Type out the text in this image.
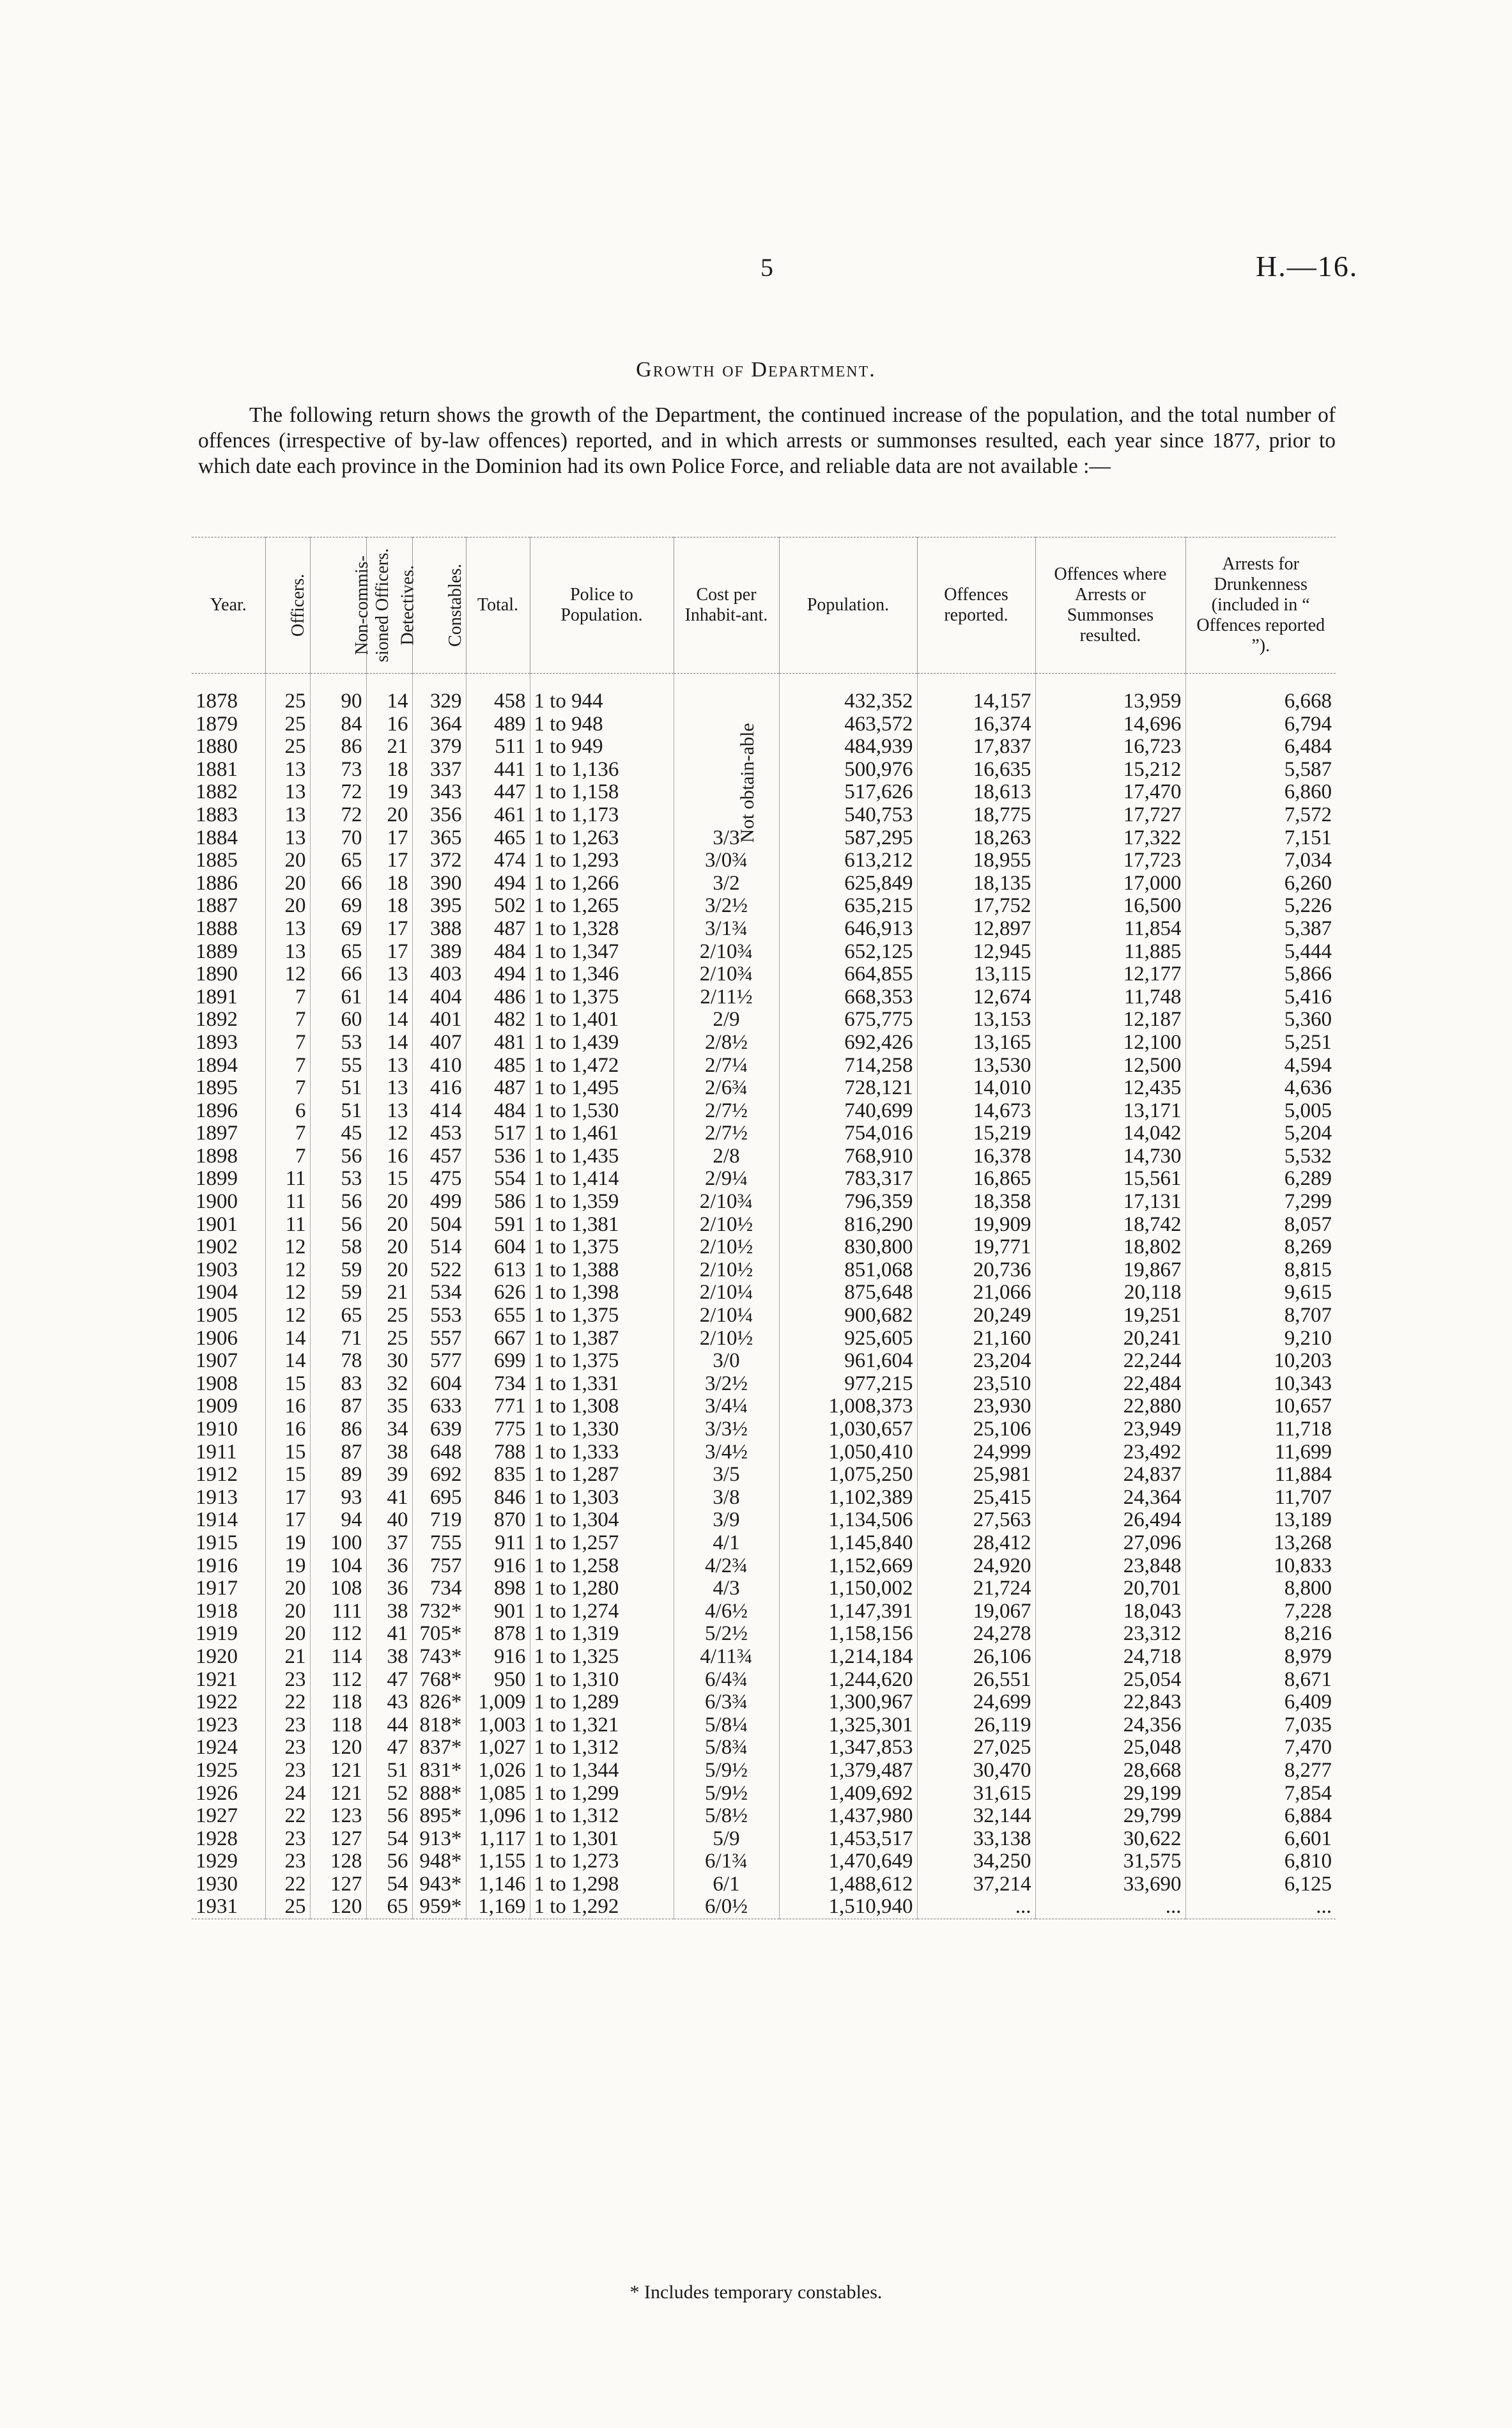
5	H.—16.
Growth of Department.

The following return shows the growth of the Department, the continued increase of the population, and the total number of offences (irrespective of by-law offences) reported, and in which arrests or summonses resulted, each year since 1877, prior to which date each province in the Dominion had its own Police Force, and reliable data are not available :—

Year.	Officers.	Non-commis-sioned Officers.	Detectives.	Constables.	Total.	Police to Population.	Cost per Inhabit-ant.	Population.	Offences reported.	Offences where Arrests or Summonses resulted.	Arrests for Drunkenness (included in “ Offences reported ”).
1878	25	90	14	329	458	1 to 944		432,352	14,157	13,959	6,668
1879	25	84	16	364	489	1 to 948		463,572	16,374	14,696	6,794
1880	25	86	21	379	511	1 to 949		484,939	17,837	16,723	6,484
1881	13	73	18	337	441	1 to 1,136		500,976	16,635	15,212	5,587
1882	13	72	19	343	447	1 to 1,158		517,626	18,613	17,470	6,860
1883	13	72	20	356	461	1 to 1,173		540,753	18,775	17,727	7,572
1884	13	70	17	365	465	1 to 1,263	3/3	587,295	18,263	17,322	7,151
1885	20	65	17	372	474	1 to 1,293	3/0¾	613,212	18,955	17,723	7,034
1886	20	66	18	390	494	1 to 1,266	3/2	625,849	18,135	17,000	6,260
1887	20	69	18	395	502	1 to 1,265	3/2½	635,215	17,752	16,500	5,226
1888	13	69	17	388	487	1 to 1,328	3/1¾	646,913	12,897	11,854	5,387
1889	13	65	17	389	484	1 to 1,347	2/10¾	652,125	12,945	11,885	5,444
1890	12	66	13	403	494	1 to 1,346	2/10¾	664,855	13,115	12,177	5,866
1891	7	61	14	404	486	1 to 1,375	2/11½	668,353	12,674	11,748	5,416
1892	7	60	14	401	482	1 to 1,401	2/9	675,775	13,153	12,187	5,360
1893	7	53	14	407	481	1 to 1,439	2/8½	692,426	13,165	12,100	5,251
1894	7	55	13	410	485	1 to 1,472	2/7¼	714,258	13,530	12,500	4,594
1895	7	51	13	416	487	1 to 1,495	2/6¾	728,121	14,010	12,435	4,636
1896	6	51	13	414	484	1 to 1,530	2/7½	740,699	14,673	13,171	5,005
1897	7	45	12	453	517	1 to 1,461	2/7½	754,016	15,219	14,042	5,204
1898	7	56	16	457	536	1 to 1,435	2/8	768,910	16,378	14,730	5,532
1899	11	53	15	475	554	1 to 1,414	2/9¼	783,317	16,865	15,561	6,289
1900	11	56	20	499	586	1 to 1,359	2/10¾	796,359	18,358	17,131	7,299
1901	11	56	20	504	591	1 to 1,381	2/10½	816,290	19,909	18,742	8,057
1902	12	58	20	514	604	1 to 1,375	2/10½	830,800	19,771	18,802	8,269
1903	12	59	20	522	613	1 to 1,388	2/10½	851,068	20,736	19,867	8,815
1904	12	59	21	534	626	1 to 1,398	2/10¼	875,648	21,066	20,118	9,615
1905	12	65	25	553	655	1 to 1,375	2/10¼	900,682	20,249	19,251	8,707
1906	14	71	25	557	667	1 to 1,387	2/10½	925,605	21,160	20,241	9,210
1907	14	78	30	577	699	1 to 1,375	3/0	961,604	23,204	22,244	10,203
1908	15	83	32	604	734	1 to 1,331	3/2½	977,215	23,510	22,484	10,343
1909	16	87	35	633	771	1 to 1,308	3/4¼	1,008,373	23,930	22,880	10,657
1910	16	86	34	639	775	1 to 1,330	3/3½	1,030,657	25,106	23,949	11,718
1911	15	87	38	648	788	1 to 1,333	3/4½	1,050,410	24,999	23,492	11,699
1912	15	89	39	692	835	1 to 1,287	3/5	1,075,250	25,981	24,837	11,884
1913	17	93	41	695	846	1 to 1,303	3/8	1,102,389	25,415	24,364	11,707
1914	17	94	40	719	870	1 to 1,304	3/9	1,134,506	27,563	26,494	13,189
1915	19	100	37	755	911	1 to 1,257	4/1	1,145,840	28,412	27,096	13,268
1916	19	104	36	757	916	1 to 1,258	4/2¾	1,152,669	24,920	23,848	10,833
1917	20	108	36	734	898	1 to 1,280	4/3	1,150,002	21,724	20,701	8,800
1918	20	111	38	732*	901	1 to 1,274	4/6½	1,147,391	19,067	18,043	7,228
1919	20	112	41	705*	878	1 to 1,319	5/2½	1,158,156	24,278	23,312	8,216
1920	21	114	38	743*	916	1 to 1,325	4/11¾	1,214,184	26,106	24,718	8,979
1921	23	112	47	768*	950	1 to 1,310	6/4¾	1,244,620	26,551	25,054	8,671
1922	22	118	43	826*	1,009	1 to 1,289	6/3¾	1,300,967	24,699	22,843	6,409
1923	23	118	44	818*	1,003	1 to 1,321	5/8¼	1,325,301	26,119	24,356	7,035
1924	23	120	47	837*	1,027	1 to 1,312	5/8¾	1,347,853	27,025	25,048	7,470
1925	23	121	51	831*	1,026	1 to 1,344	5/9½	1,379,487	30,470	28,668	8,277
1926	24	121	52	888*	1,085	1 to 1,299	5/9½	1,409,692	31,615	29,199	7,854
1927	22	123	56	895*	1,096	1 to 1,312	5/8½	1,437,980	32,144	29,799	6,884
1928	23	127	54	913*	1,117	1 to 1,301	5/9	1,453,517	33,138	30,622	6,601
1929	23	128	56	948*	1,155	1 to 1,273	6/1¾	1,470,649	34,250	31,575	6,810
1930	22	127	54	943*	1,146	1 to 1,298	6/1	1,488,612	37,214	33,690	6,125
1931	25	120	65	959*	1,169	1 to 1,292	6/0½	1,510,940	...	...	...
Not obtain-able
* Includes temporary constables.
